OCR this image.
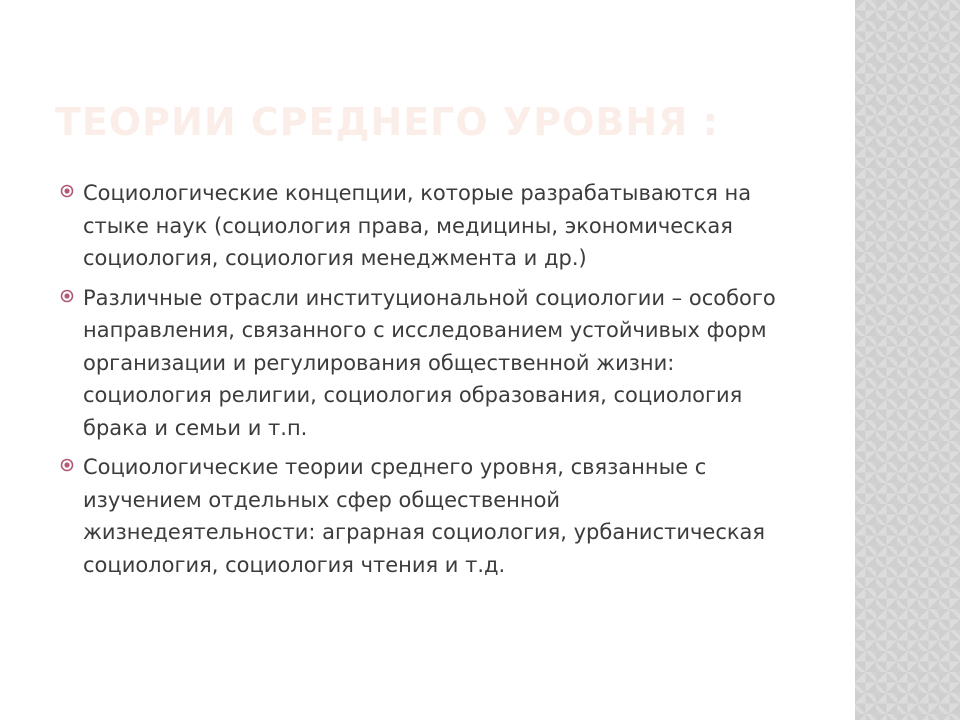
ТЕОРИИ СРЕДНЕГО УРОВНЯ :
Социологические концепции, которые разрабатываются на стыке наук (социология права, медицины, экономическая социология, социология менеджмента и др.)
Различные отрасли институциональной социологии – особого направления, связанного с исследованием устойчивых форм организации и регулирования общественной жизни: социология религии, социология образования, социология брака и семьи и т.п.
Социологические теории среднего уровня, связанные с изучением отдельных сфер общественной жизнедеятельности: аграрная социология, урбанистическая социология, социология чтения и т.д.
